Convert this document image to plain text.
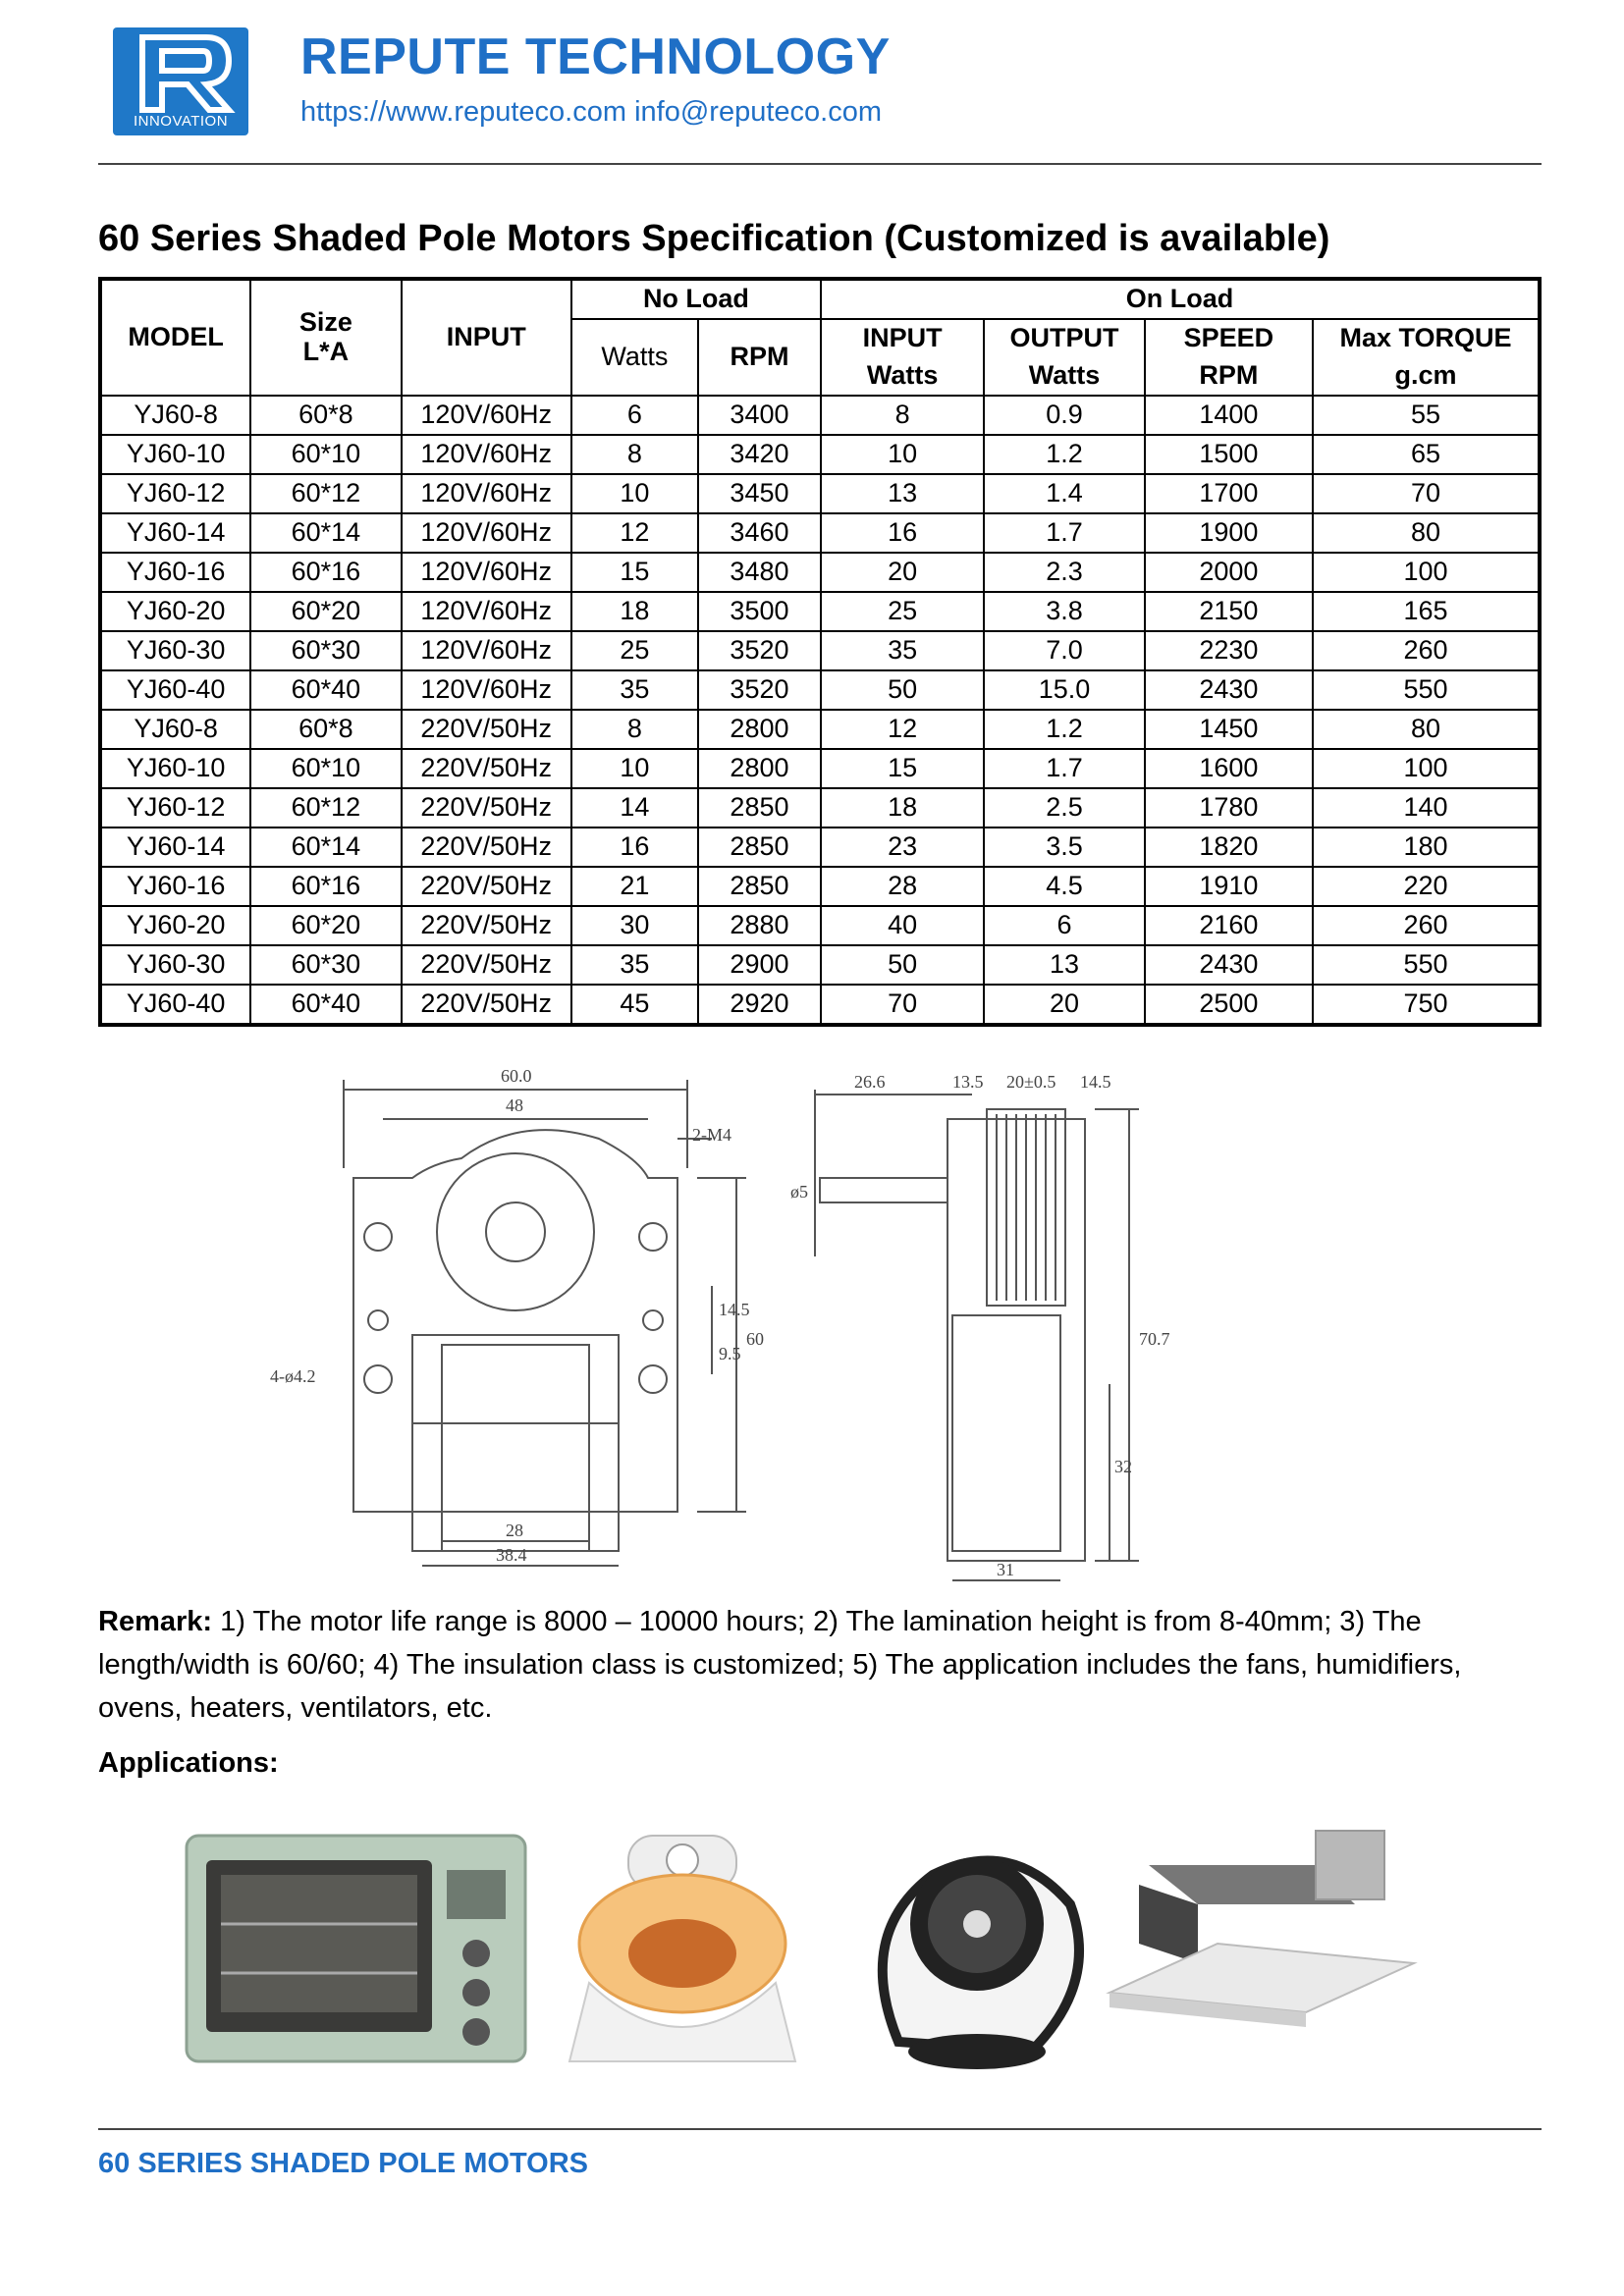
INNOVATION
REPUTE TECHNOLOGY
https://www.reputeco.com info@reputeco.com
60 Series Shaded Pole Motors Specification (Customized is available)
MODEL	Size
L*A	INPUT	No Load		On Load			
			Watts	RPM	INPUT	OUTPUT	SPEED	Max TORQUE
					Watts	Watts	RPM	g.cm
YJ60-8	60*8	120V/60Hz	6	3400	8	0.9	1400	55
YJ60-10	60*10	120V/60Hz	8	3420	10	1.2	1500	65
YJ60-12	60*12	120V/60Hz	10	3450	13	1.4	1700	70
YJ60-14	60*14	120V/60Hz	12	3460	16	1.7	1900	80
YJ60-16	60*16	120V/60Hz	15	3480	20	2.3	2000	100
YJ60-20	60*20	120V/60Hz	18	3500	25	3.8	2150	165
YJ60-30	60*30	120V/60Hz	25	3520	35	7.0	2230	260
YJ60-40	60*40	120V/60Hz	35	3520	50	15.0	2430	550
YJ60-8	60*8	220V/50Hz	8	2800	12	1.2	1450	80
YJ60-10	60*10	220V/50Hz	10	2800	15	1.7	1600	100
YJ60-12	60*12	220V/50Hz	14	2850	18	2.5	1780	140
YJ60-14	60*14	220V/50Hz	16	2850	23	3.5	1820	180
YJ60-16	60*16	220V/50Hz	21	2850	28	4.5	1910	220
YJ60-20	60*20	220V/50Hz	30	2880	40	6	2160	260
YJ60-30	60*30	220V/50Hz	35	2900	50	13	2430	550
YJ60-40	60*40	220V/50Hz	45	2920	70	20	2500	750
60.0
48
2-M4
14.5
9.5
60
4-ø4.2
28
38.4
26.6	13.5 20±0.5 14.5
ø5
70.7
32
31
Remark: 1) The motor life range is 8000 – 10000 hours; 2) The lamination height is from 8-40mm; 3) The length/width is 60/60; 4) The insulation class is customized; 5) The application includes the fans, humidifiers, ovens, heaters, ventilators, etc.
Applications:
60 SERIES SHADED POLE MOTORS
